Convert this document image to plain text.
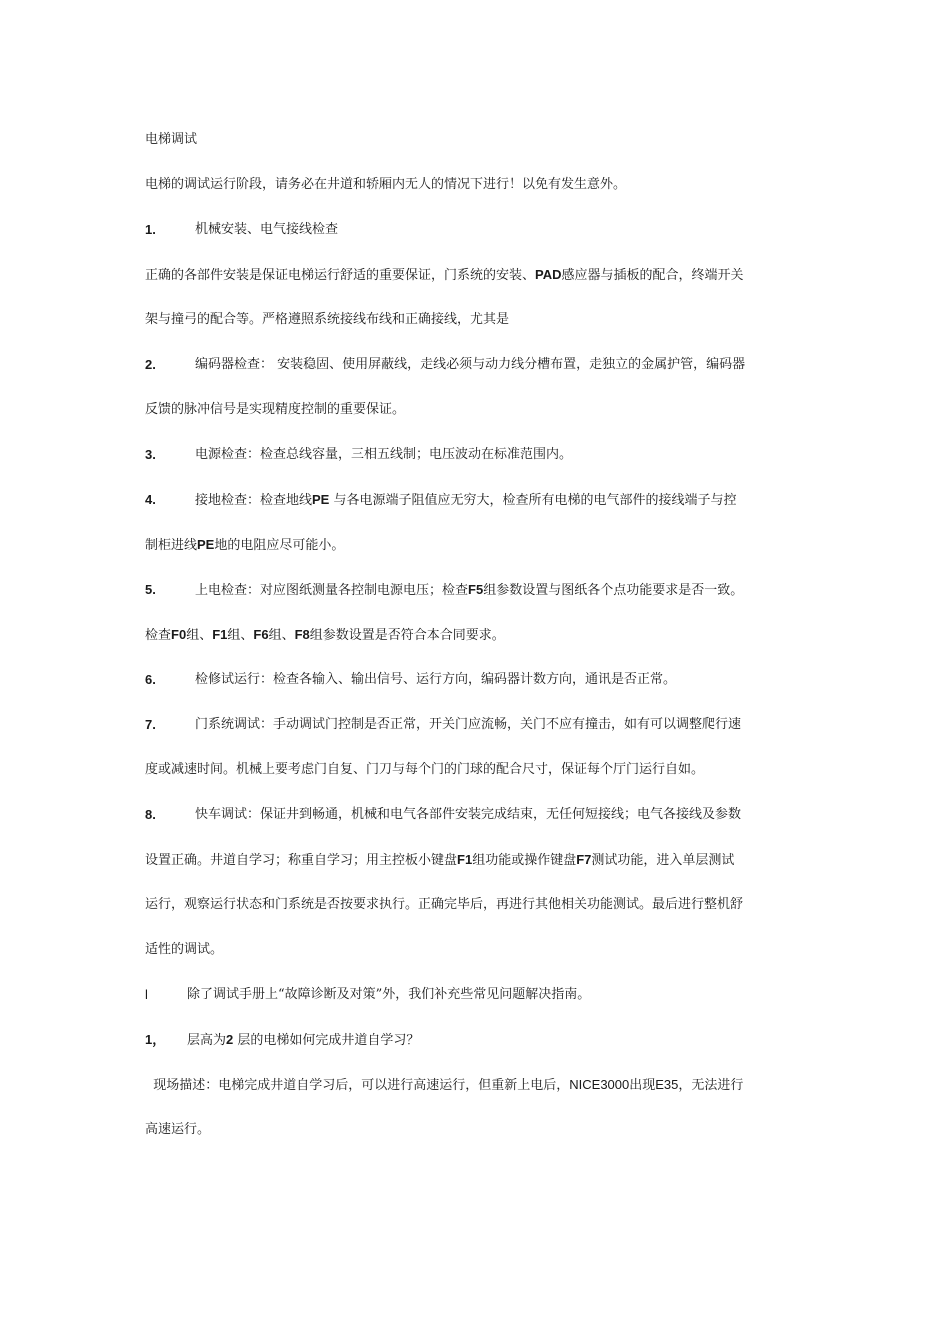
电梯调试
电梯的调试运行阶段，请务必在井道和轿厢内无人的情况下进行！以免有发生意外。
1.	机械安装、电气接线检查
正确的各部件安装是保证电梯运行舒适的重要保证，门系统的安装、PAD感应器与插板的配合，终端开关
架与撞弓的配合等。严格遵照系统接线布线和正确接线，尤其是
2.	编码器检查： 安装稳固、使用屏蔽线，走线必须与动力线分槽布置，走独立的金属护管，编码器
反馈的脉冲信号是实现精度控制的重要保证。
3.	电源检查：检查总线容量，三相五线制；电压波动在标准范围内。
4.	接地检查：检查地线PE 与各电源端子阻值应无穷大，检查所有电梯的电气部件的接线端子与控
制柜进线PE地的电阻应尽可能小。
5.	上电检查：对应图纸测量各控制电源电压；检查F5组参数设置与图纸各个点功能要求是否一致。
检查F0组、F1组、F6组、F8组参数设置是否符合本合同要求。
6.	检修试运行：检查各输入、输出信号、运行方向，编码器计数方向，通讯是否正常。
7.	门系统调试：手动调试门控制是否正常，开关门应流畅，关门不应有撞击，如有可以调整爬行速
度或减速时间。机械上要考虑门自复、门刀与每个门的门球的配合尺寸，保证每个厅门运行自如。
8.	快车调试：保证井到畅通，机械和电气各部件安装完成结束，无任何短接线；电气各接线及参数
设置正确。井道自学习；称重自学习；用主控板小键盘F1组功能或操作键盘F7测试功能，进入单层测试
运行，观察运行状态和门系统是否按要求执行。正确完毕后，再进行其他相关功能测试。最后进行整机舒
适性的调试。
l	除了调试手册上“故障诊断及对策”外，我们补充些常见问题解决指南。
1， 层高为2 层的电梯如何完成井道自学习？
现场描述：电梯完成井道自学习后，可以进行高速运行，但重新上电后，NICE3000出现E35，无法进行
高速运行。
